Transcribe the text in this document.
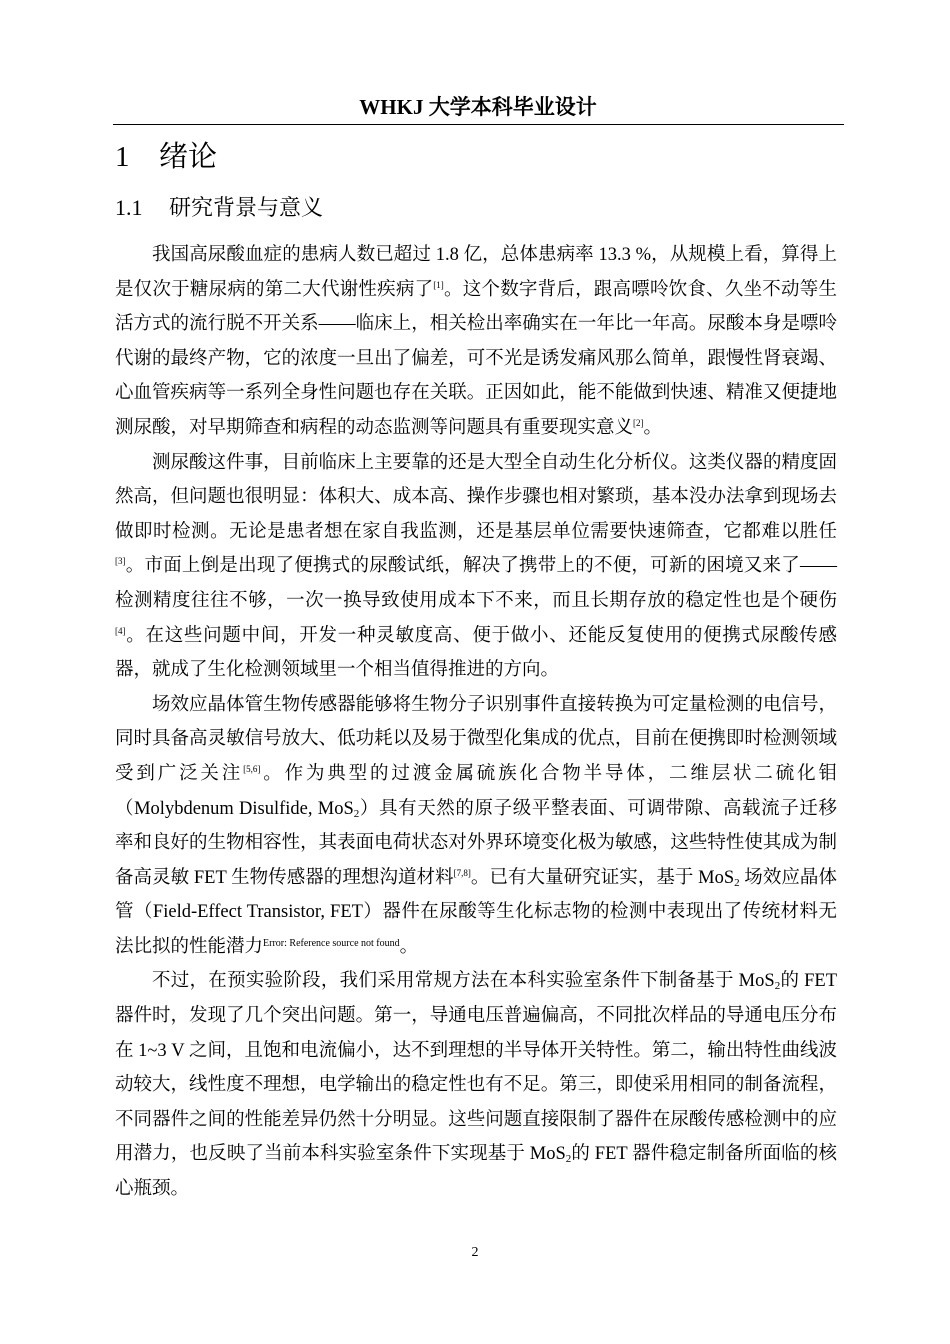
WHKJ 大学本科毕业设计
1 绪论
1.1 研究背景与意义

我国高尿酸血症的患病人数已超过 1.8 亿，总体患病率 13.3 %，从规模上看，算得上是仅次于糖尿病的第二大代谢性疾病了[1]。这个数字背后，跟高嘌呤饮食、久坐不动等生活方式的流行脱不开关系——临床上，相关检出率确实在一年比一年高。尿酸本身是嘌呤代谢的最终产物，它的浓度一旦出了偏差，可不光是诱发痛风那么简单，跟慢性肾衰竭、心血管疾病等一系列全身性问题也存在关联。正因如此，能不能做到快速、精准又便捷地测尿酸，对早期筛查和病程的动态监测等问题具有重要现实意义[2]。

测尿酸这件事，目前临床上主要靠的还是大型全自动生化分析仪。这类仪器的精度固然高，但问题也很明显：体积大、成本高、操作步骤也相对繁琐，基本没办法拿到现场去做即时检测。无论是患者想在家自我监测，还是基层单位需要快速筛查，它都难以胜任[3]。市面上倒是出现了便携式的尿酸试纸，解决了携带上的不便，可新的困境又来了——检测精度往往不够，一次一换导致使用成本下不来，而且长期存放的稳定性也是个硬伤[4]。在这些问题中间，开发一种灵敏度高、便于做小、还能反复使用的便携式尿酸传感器，就成了生化检测领域里一个相当值得推进的方向。

场效应晶体管生物传感器能够将生物分子识别事件直接转换为可定量检测的电信号，同时具备高灵敏信号放大、低功耗以及易于微型化集成的优点，目前在便携即时检测领域受到广泛关注[5,6]。作为典型的过渡金属硫族化合物半导体，二维层状二硫化钼（Molybdenum Disulfide, MoS$_2$）具有天然的原子级平整表面、可调带隙、高载流子迁移率和良好的生物相容性，其表面电荷状态对外界环境变化极为敏感，这些特性使其成为制备高灵敏 FET 生物传感器的理想沟道材料[7,8]。已有大量研究证实，基于 MoS$_2$ 场效应晶体管（Field-Effect Transistor, FET）器件在尿酸等生化标志物的检测中表现出了传统材料无法比拟的性能潜力$^{Error: Reference source not found}$。

不过，在预实验阶段，我们采用常规方法在本科实验室条件下制备基于 MoS$_2$的 FET 器件时，发现了几个突出问题。第一，导通电压普遍偏高，不同批次样品的导通电压分布在 1~3 V 之间，且饱和电流偏小，达不到理想的半导体开关特性。第二，输出特性曲线波动较大，线性度不理想，电学输出的稳定性也有不足。第三，即使采用相同的制备流程，不同器件之间的性能差异仍然十分明显。这些问题直接限制了器件在尿酸传感检测中的应用潜力，也反映了当前本科实验室条件下实现基于 MoS$_2$的 FET 器件稳定制备所面临的核心瓶颈。

2
